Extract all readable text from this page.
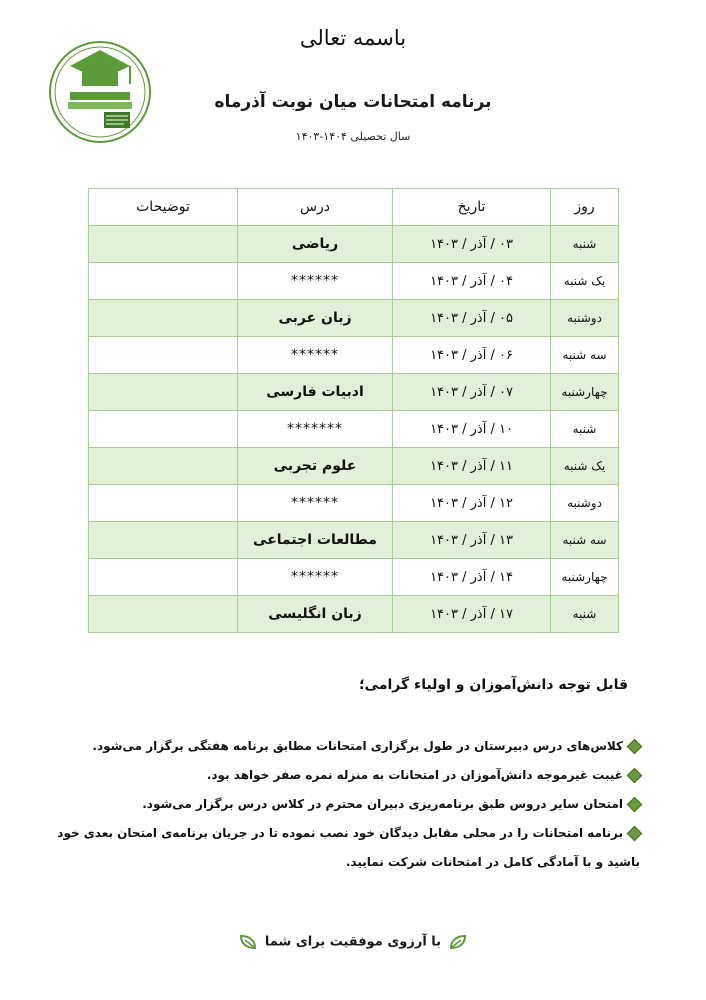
باسمه تعالی
برنامه امتحانات میان نوبت آذرماه
سال تحصیلی ۱۴۰۴-۱۴۰۳
روز	تاریخ	درس	توضیحات
شنبه	۰۳ / آذر / ۱۴۰۳	ریاضی	
یک شنبه	۰۴ / آذر / ۱۴۰۳	******	
دوشنبه	۰۵ / آذر / ۱۴۰۳	زبان عربی	
سه شنبه	۰۶ / آذر / ۱۴۰۳	******	
چهارشنبه	۰۷ / آذر / ۱۴۰۳	ادبیات فارسی	
شنبه	۱۰ / آذر / ۱۴۰۳	*******	
یک شنبه	۱۱ / آذر / ۱۴۰۳	علوم تجربی	
دوشنبه	۱۲ / آذر / ۱۴۰۳	******	
سه شنبه	۱۳ / آذر / ۱۴۰۳	مطالعات اجتماعی	
چهارشنبه	۱۴ / آذر / ۱۴۰۳	******	
شنبه	۱۷ / آذر / ۱۴۰۳	زبان انگلیسی	
قابل توجه دانش‌آموزان و اولیاء گرامی؛
کلاس‌های درس دبیرستان در طول برگزاری امتحانات مطابق برنامه هفتگی برگزار می‌شود.
غیبت غیرموجه دانش‌آموزان در امتحانات به منزله نمره صفر خواهد بود.
امتحان سایر دروس طبق برنامه‌ریزی دبیران محترم در کلاس درس برگزار می‌شود.
برنامه امتحانات را در محلی مقابل دیدگان خود نصب نموده تا در جریان برنامه‌ی امتحان بعدی خود باشید و با آمادگی کامل در امتحانات شرکت نمایید.
با آرزوی موفقیت برای شما
